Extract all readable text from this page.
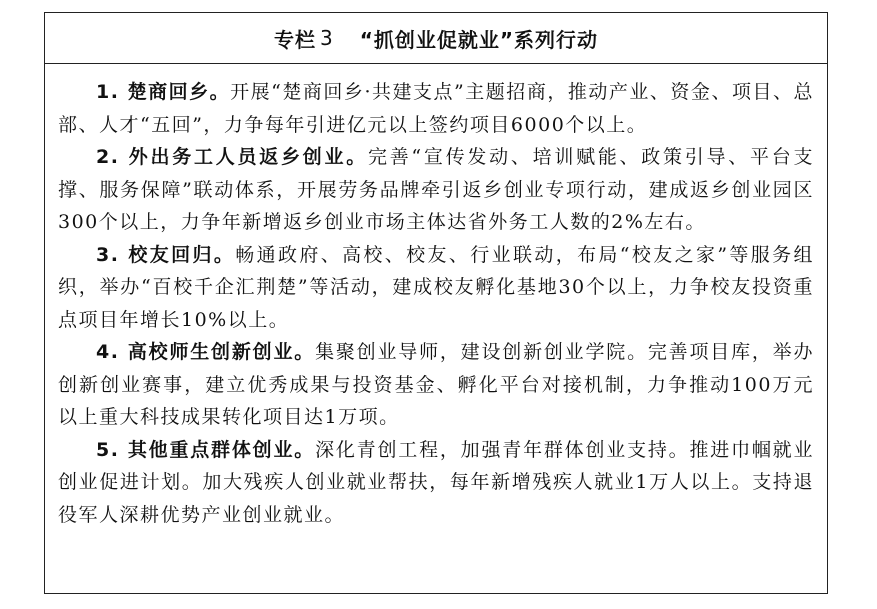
专栏 3 “抓创业促就业”系列行动

1. 楚商回乡。开展“楚商回乡·共建支点”主题招商，推动产业、资金、项目、总部、人才“五回”，力争每年引进亿元以上签约项目6000个以上。

2. 外出务工人员返乡创业。完善“宣传发动、培训赋能、政策引导、平台支撑、服务保障”联动体系，开展劳务品牌牵引返乡创业专项行动，建成返乡创业园区300个以上，力争年新增返乡创业市场主体达省外务工人数的2%左右。

3. 校友回归。畅通政府、高校、校友、行业联动，布局“校友之家”等服务组织，举办“百校千企汇荆楚”等活动，建成校友孵化基地30个以上，力争校友投资重点项目年增长10%以上。

4. 高校师生创新创业。集聚创业导师，建设创新创业学院。完善项目库，举办创新创业赛事，建立优秀成果与投资基金、孵化平台对接机制，力争推动100万元以上重大科技成果转化项目达1万项。

5. 其他重点群体创业。深化青创工程，加强青年群体创业支持。推进巾帼就业创业促进计划。加大残疾人创业就业帮扶，每年新增残疾人就业1万人以上。支持退役军人深耕优势产业创业就业。
